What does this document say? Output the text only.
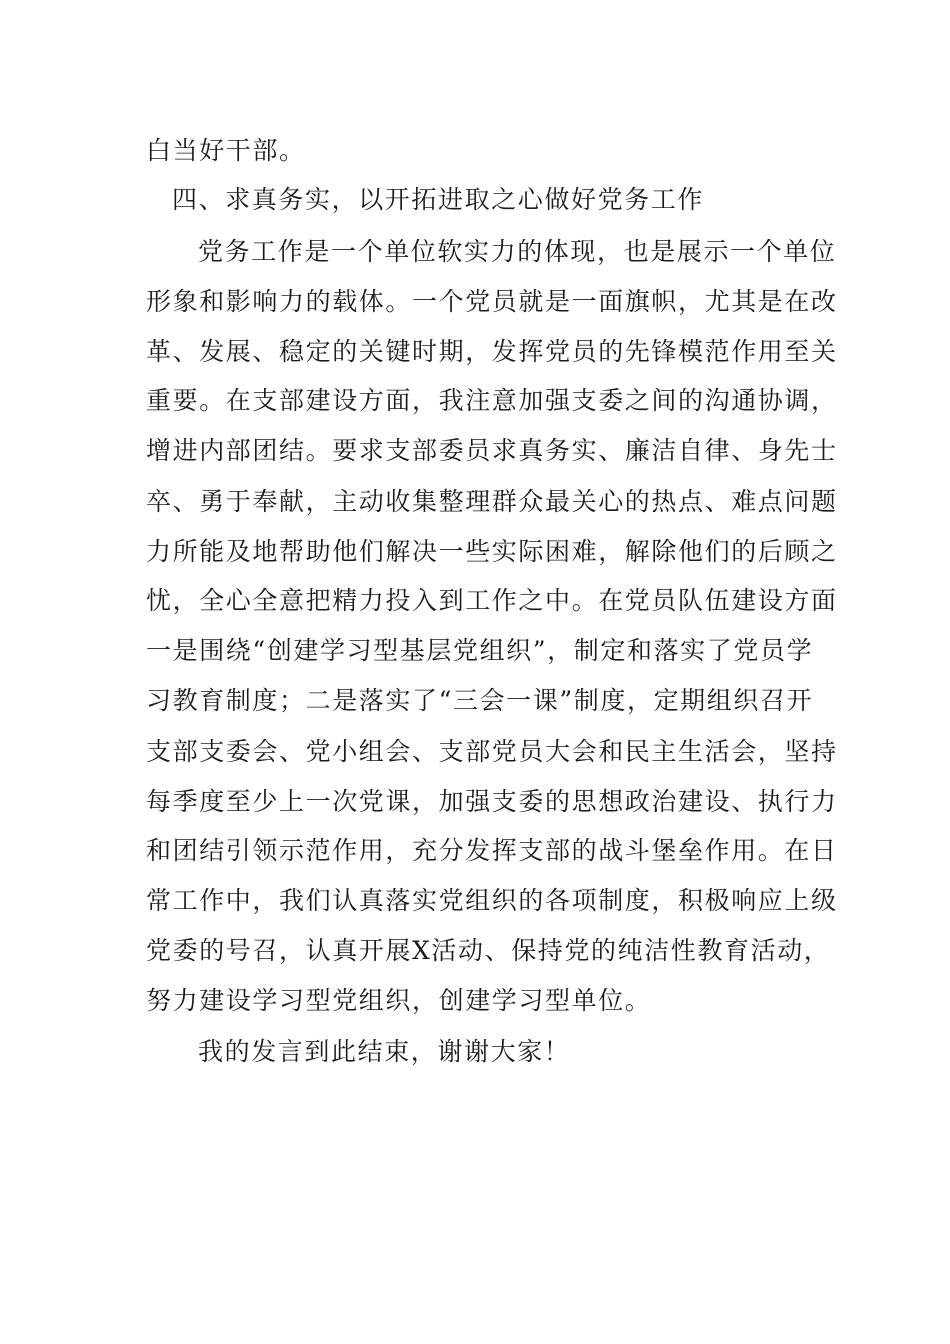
白当好干部。
四、求真务实，以开拓进取之心做好党务工作
党务工作是一个单位软实力的体现，也是展示一个单位
形象和影响力的载体。一个党员就是一面旗帜，尤其是在改
革、发展、稳定的关键时期，发挥党员的先锋模范作用至关
重要。在支部建设方面，我注意加强支委之间的沟通协调，
增进内部团结。要求支部委员求真务实、廉洁自律、身先士
卒、勇于奉献，主动收集整理群众最关心的热点、难点问题
力所能及地帮助他们解决一些实际困难，解除他们的后顾之
忧，全心全意把精力投入到工作之中。在党员队伍建设方面
一是围绕“创建学习型基层党组织”，制定和落实了党员学
习教育制度；二是落实了“三会一课”制度，定期组织召开
支部支委会、党小组会、支部党员大会和民主生活会，坚持
每季度至少上一次党课，加强支委的思想政治建设、执行力
和团结引领示范作用，充分发挥支部的战斗堡垒作用。在日
常工作中，我们认真落实党组织的各项制度，积极响应上级
党委的号召，认真开展X活动、保持党的纯洁性教育活动，
努力建设学习型党组织，创建学习型单位。
我的发言到此结束，谢谢大家！
